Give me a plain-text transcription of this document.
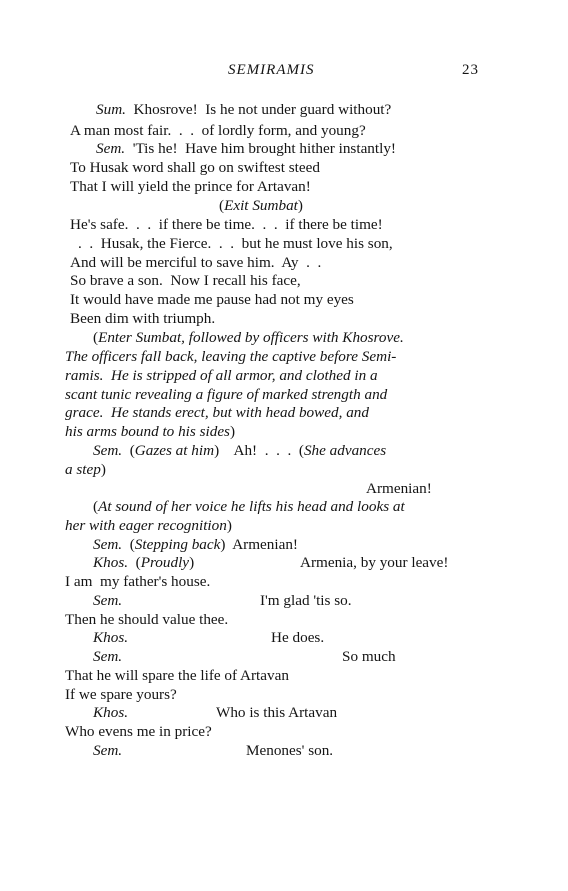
SEMIRAMIS	23
Sum.  Khosrove!  Is he not under guard without?
A man most fair.  .  .  of lordly form, and young?
Sem.  'Tis he!  Have him brought hither instantly!
To Husak word shall go on swiftest steed
That I will yield the prince for Artavan!
(Exit Sumbat)
He's safe.  .  .  if there be time.  .  .  if there be time!
.  .  Husak, the Fierce.  .  .  but he must love his son,
And will be merciful to save him.  Ay  .  .
So brave a son.  Now I recall his face,
It would have made me pause had not my eyes
Been dim with triumph.
(Enter Sumbat, followed by officers with Khosrove.
The officers fall back, leaving the captive before Semi-
ramis.  He is stripped of all armor, and clothed in a
scant tunic revealing a figure of marked strength and
grace.  He stands erect, but with head bowed, and
his arms bound to his sides)
Sem.  (Gazes at him)    Ah!  .  .  .  (She advances
a step)
Armenian!
(At sound of her voice he lifts his head and looks at
her with eager recognition)
Sem.  (Stepping back)  Armenian!
Khos.  (Proudly)	Armenia, by your leave!
I am  my father's house.
Sem.	I'm glad 'tis so.
Then he should value thee.
Khos.	He does.
Sem.	So much
That he will spare the life of Artavan
If we spare yours?
Khos.	Who is this Artavan
Who evens me in price?
Sem.	Menones' son.
